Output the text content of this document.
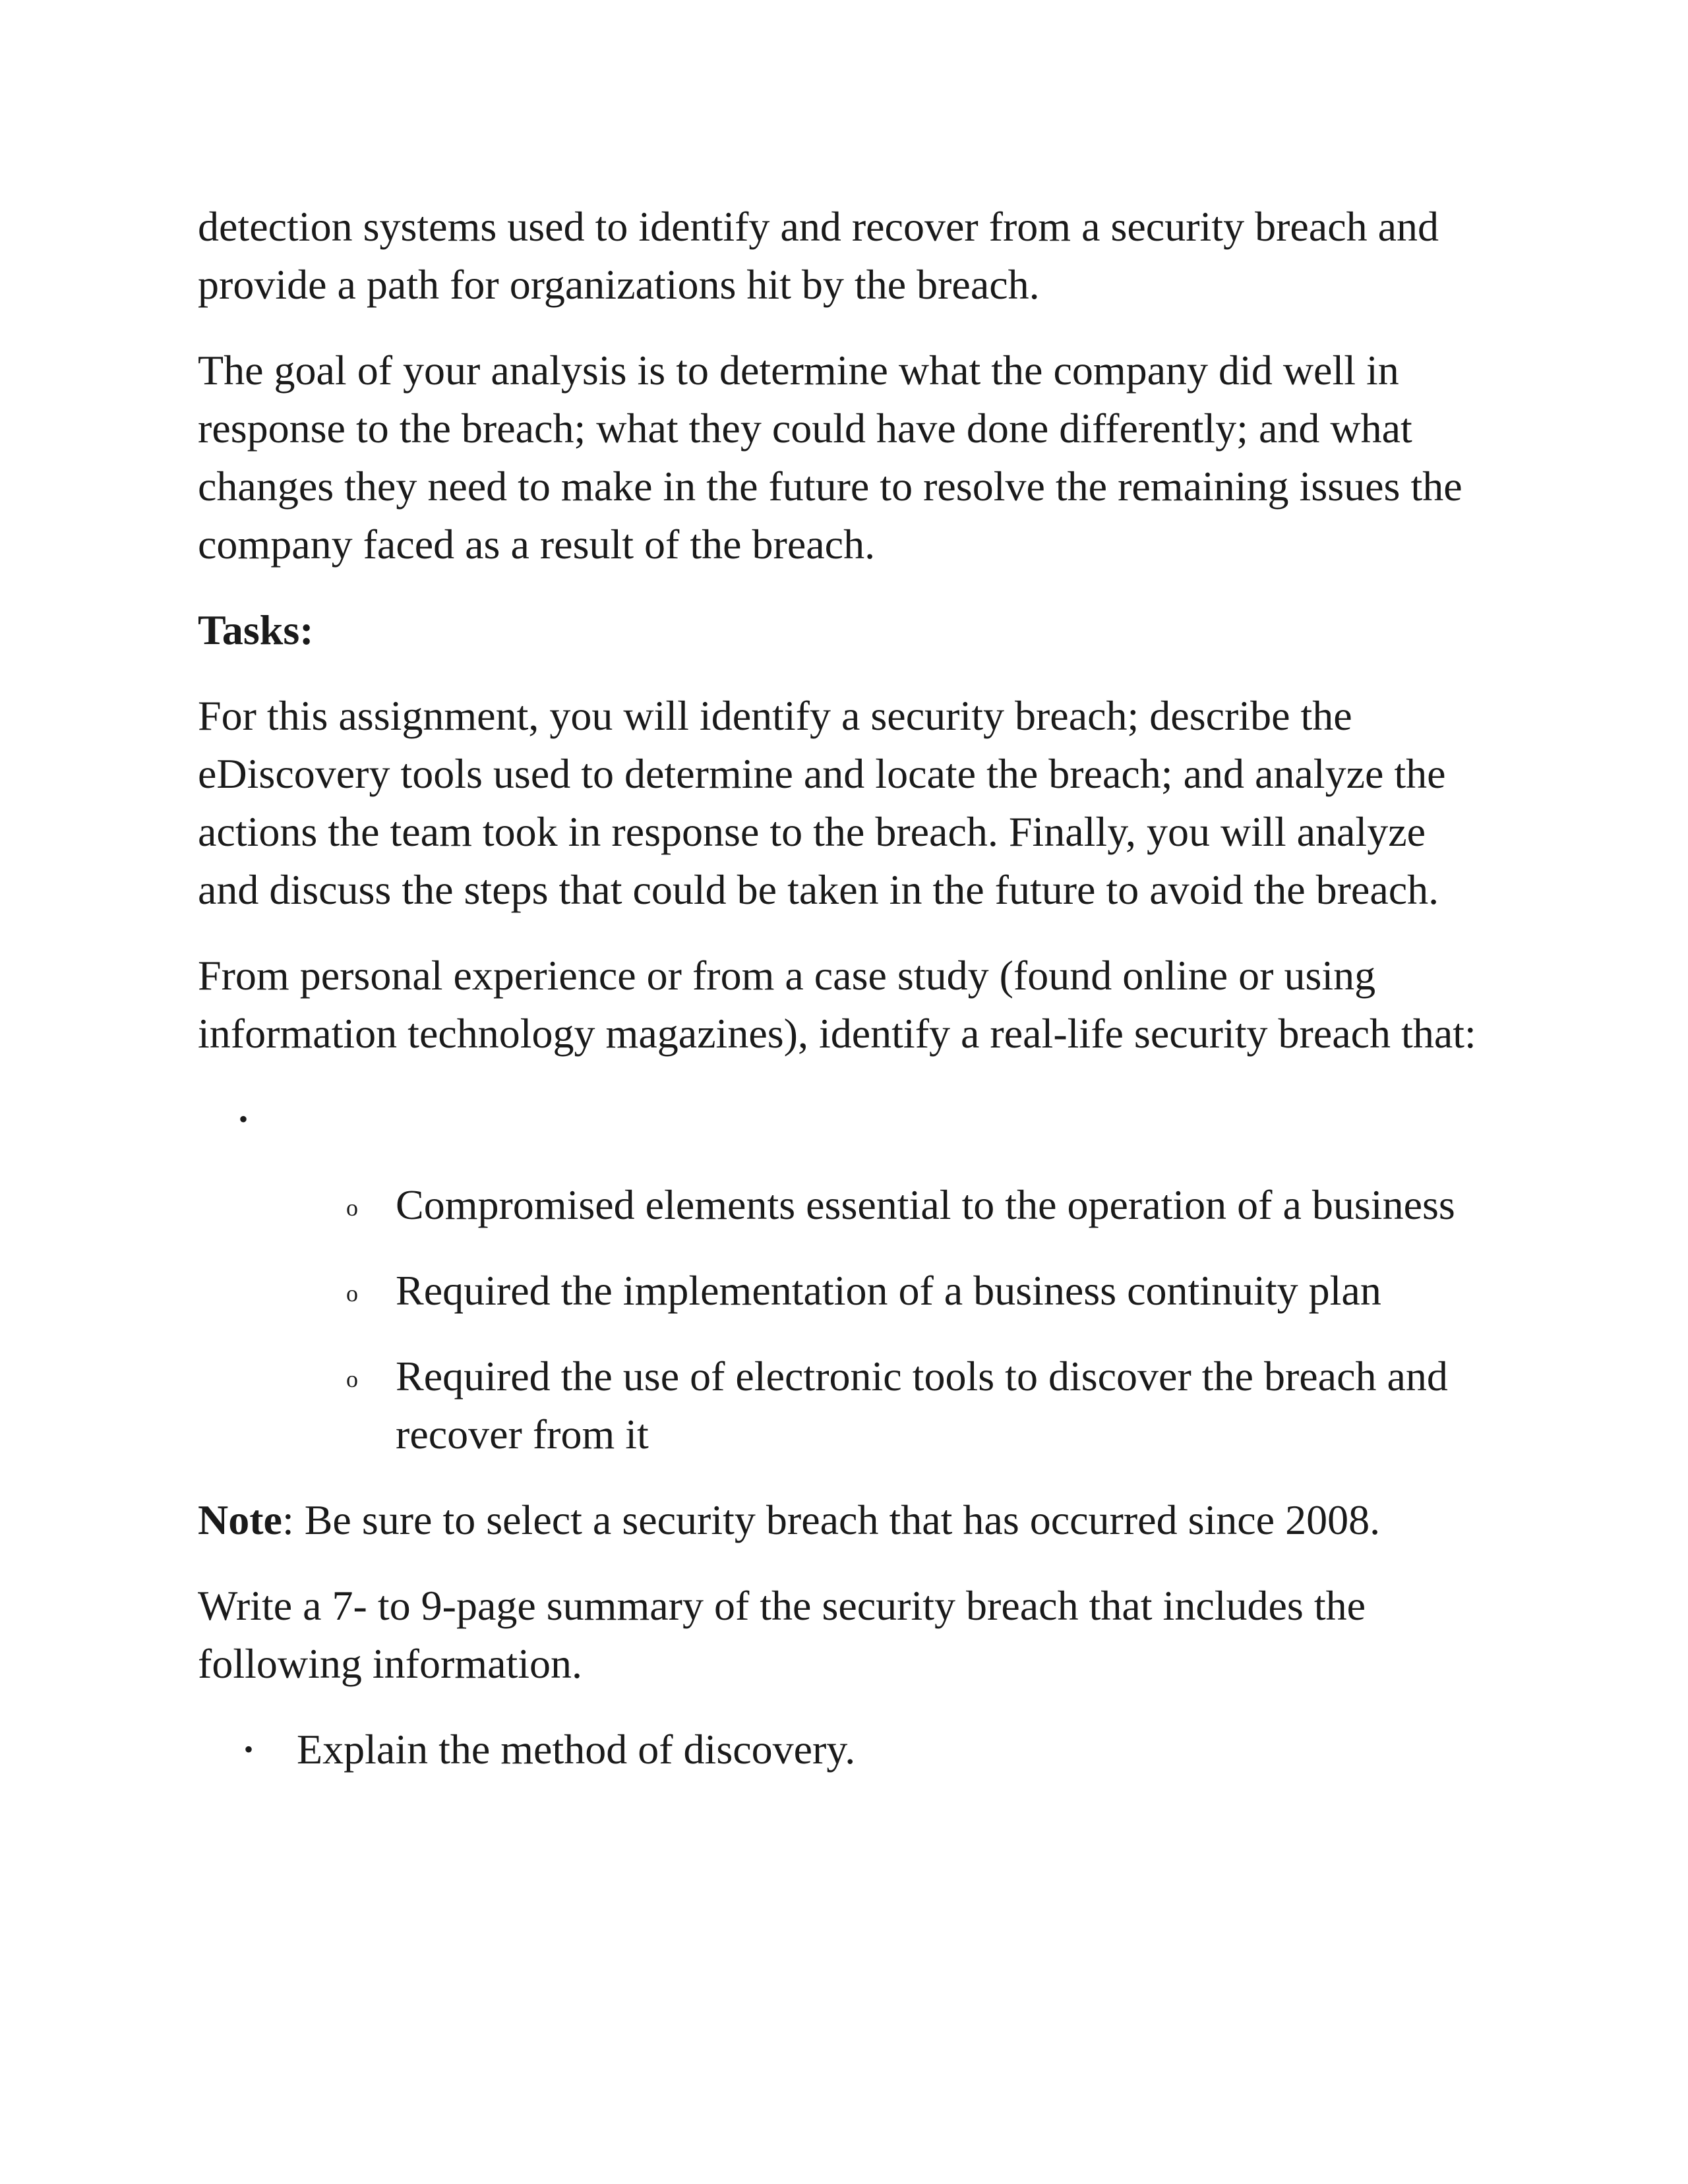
detection systems used to identify and recover from a security breach and provide a path for organizations hit by the breach.

The goal of your analysis is to determine what the company did well in response to the breach; what they could have done differently; and what changes they need to make in the future to resolve the remaining issues the company faced as a result of the breach.

Tasks:

For this assignment, you will identify a security breach; describe the eDiscovery tools used to determine and locate the breach; and analyze the actions the team took in response to the breach. Finally, you will analyze and discuss the steps that could be taken in the future to avoid the breach.

From personal experience or from a case study (found online or using information technology magazines), identify a real-life security breach that:

•
o Compromised elements essential to the operation of a business
o Required the implementation of a business continuity plan
o Required the use of electronic tools to discover the breach and recover from it

Note: Be sure to select a security breach that has occurred since 2008.

Write a 7- to 9-page summary of the security breach that includes the following information.

• Explain the method of discovery.
